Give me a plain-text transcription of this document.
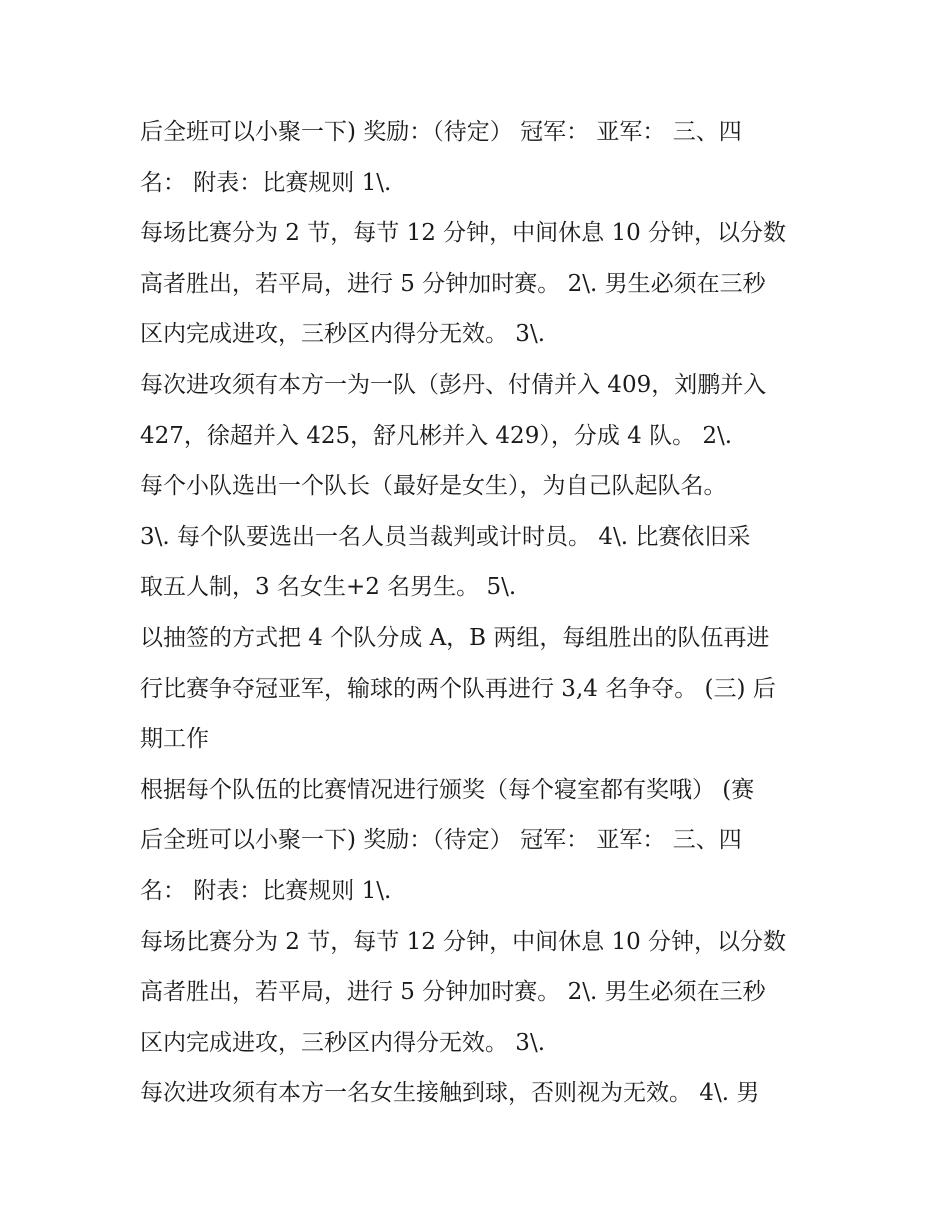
后全班可以小聚一下) 奖励：（待定） 冠军： 亚军： 三、四

名： 附表：比赛规则 1\.

每场比赛分为 2 节，每节 12 分钟，中间休息 10 分钟，以分数

高者胜出，若平局，进行 5 分钟加时赛。 2\. 男生必须在三秒

区内完成进攻，三秒区内得分无效。 3\.

每次进攻须有本方一为一队（彭丹、付倩并入 409，刘鹏并入

427，徐超并入 425，舒凡彬并入 429），分成 4 队。 2\.

每个小队选出一个队长（最好是女生），为自己队起队名。

3\. 每个队要选出一名人员当裁判或计时员。 4\. 比赛依旧采

取五人制，3 名女生+2 名男生。 5\.

以抽签的方式把 4 个队分成 A，B 两组，每组胜出的队伍再进

行比赛争夺冠亚军，输球的两个队再进行 3,4 名争夺。 (三) 后

期工作

根据每个队伍的比赛情况进行颁奖（每个寝室都有奖哦） (赛

后全班可以小聚一下) 奖励：（待定） 冠军： 亚军： 三、四

名： 附表：比赛规则 1\.

每场比赛分为 2 节，每节 12 分钟，中间休息 10 分钟，以分数

高者胜出，若平局，进行 5 分钟加时赛。 2\. 男生必须在三秒

区内完成进攻，三秒区内得分无效。 3\.

每次进攻须有本方一名女生接触到球，否则视为无效。 4\. 男
